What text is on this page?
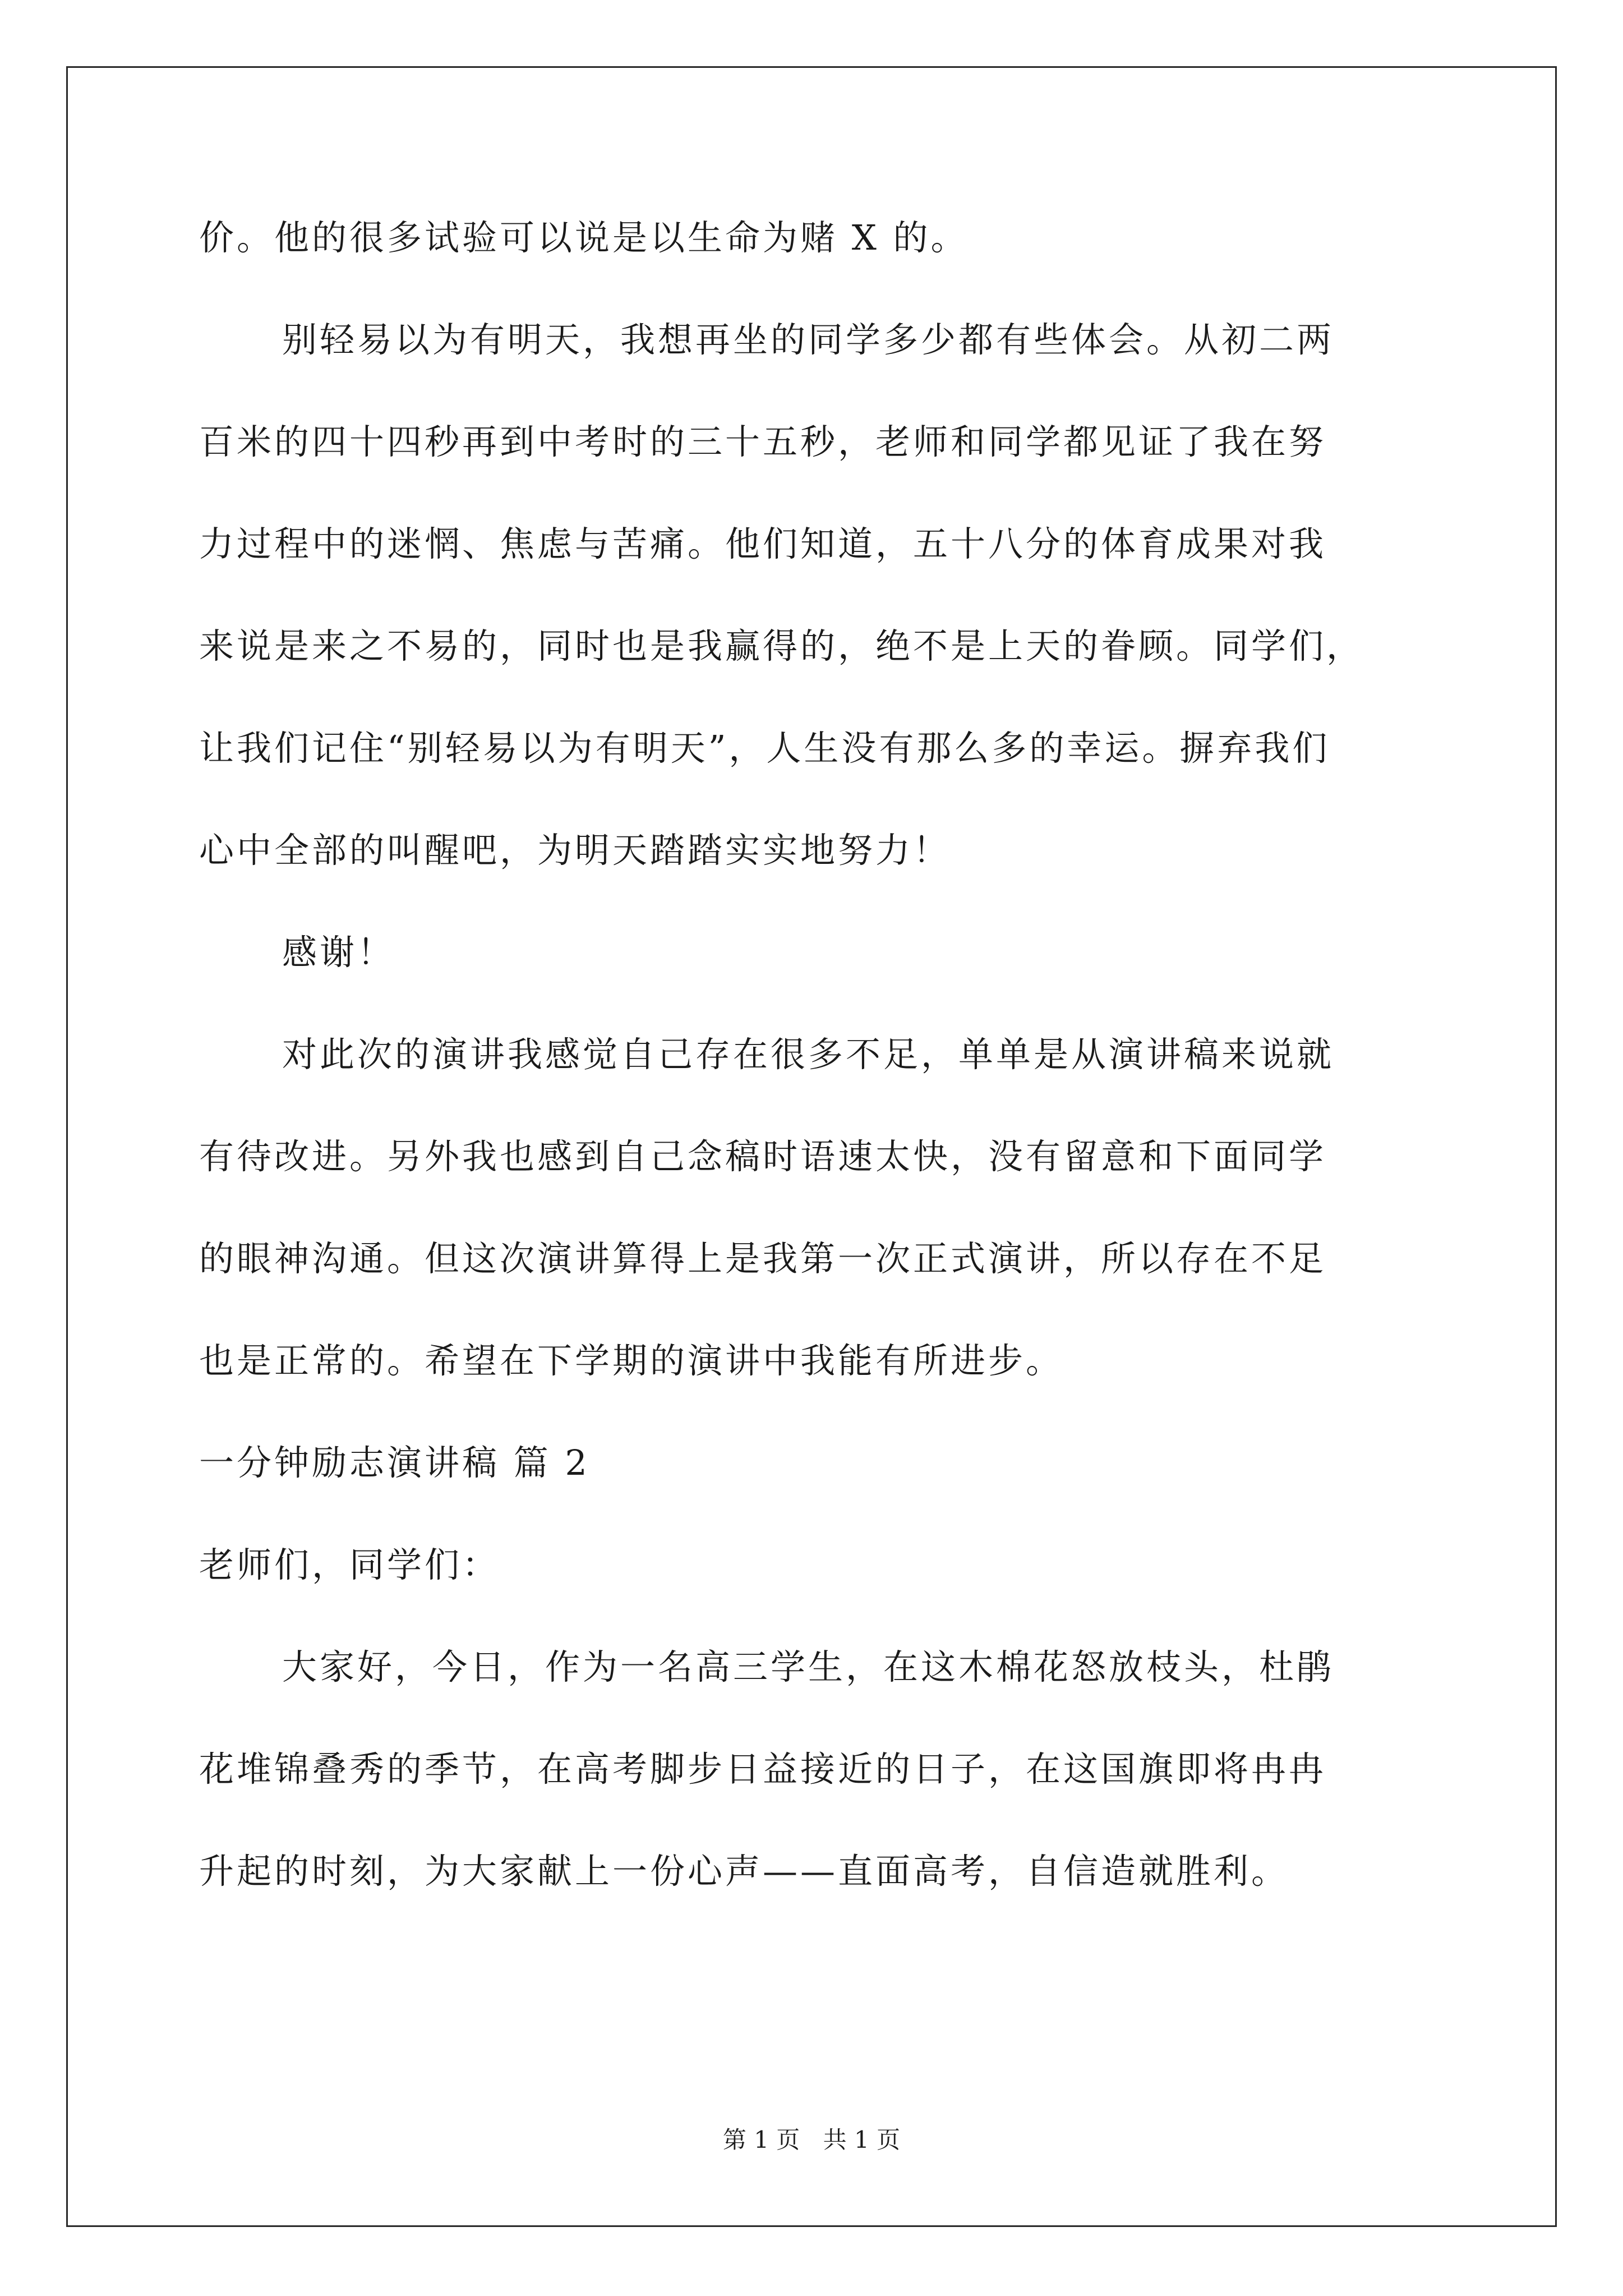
价。他的很多试验可以说是以生命为赌 X 的。
别轻易以为有明天，我想再坐的同学多少都有些体会。从初二两
百米的四十四秒再到中考时的三十五秒，老师和同学都见证了我在努
力过程中的迷惘、焦虑与苦痛。他们知道，五十八分的体育成果对我
来说是来之不易的，同时也是我赢得的，绝不是上天的眷顾。同学们，
让我们记住“别轻易以为有明天”，人生没有那么多的幸运。摒弃我们
心中全部的叫醒吧，为明天踏踏实实地努力！
感谢！
对此次的演讲我感觉自己存在很多不足，单单是从演讲稿来说就
有待改进。另外我也感到自己念稿时语速太快，没有留意和下面同学
的眼神沟通。但这次演讲算得上是我第一次正式演讲，所以存在不足
也是正常的。希望在下学期的演讲中我能有所进步。
一分钟励志演讲稿 篇 2
老师们，同学们：
大家好，今日，作为一名高三学生，在这木棉花怒放枝头，杜鹃
花堆锦叠秀的季节，在高考脚步日益接近的日子，在这国旗即将冉冉
升起的时刻，为大家献上一份心声——直面高考，自信造就胜利。
第 1 页 共 1 页
